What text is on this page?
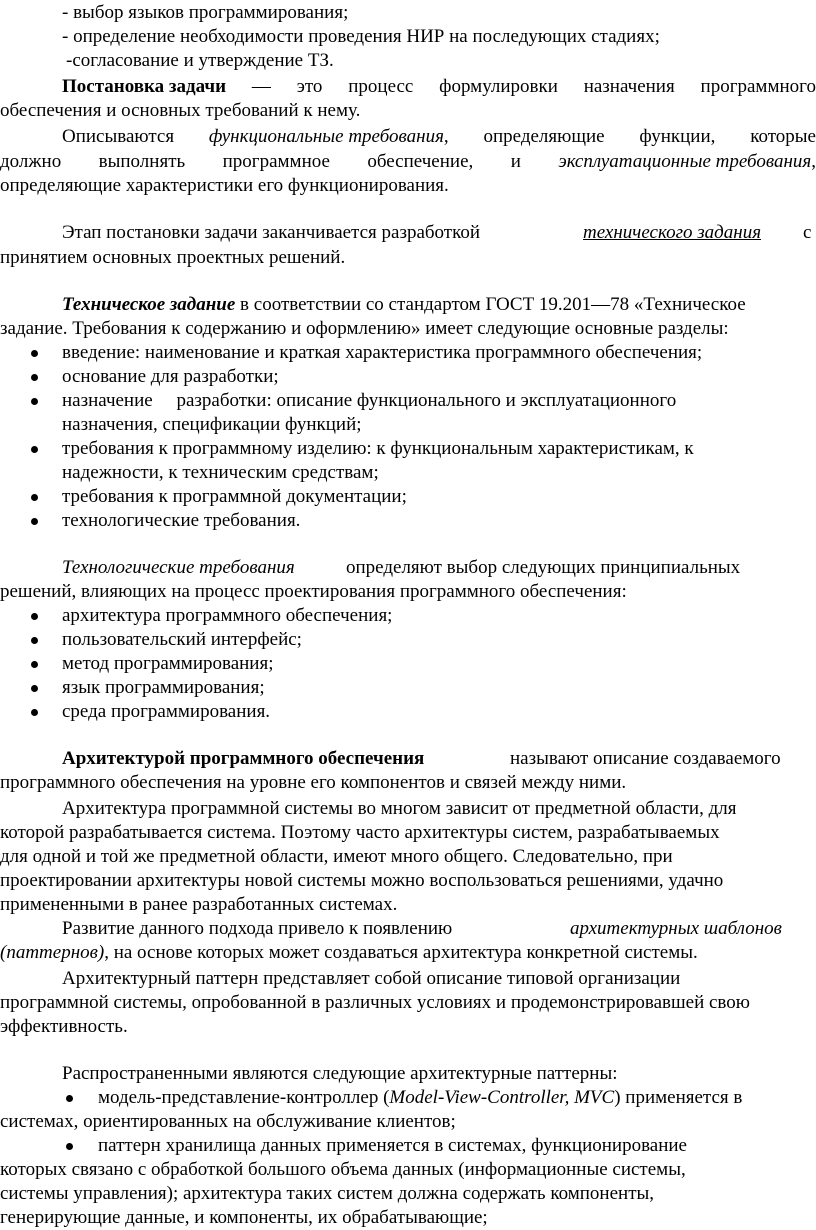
- выбор языков программирования;
- определение необходимости проведения НИР на последующих стадиях;
-согласование и утверждение ТЗ.
Постановка задачи — это процесс формулировки назначения программного
обеспечения и основных требований к нему.
Описываются функциональные требования, определяющие функции, которые
должно выполнять программное обеспечение, и эксплуатационные требования,
определяющие характеристики его функционирования.
Этап постановки задачи заканчивается разработкой	технического задания с
принятием основных проектных решений.
Техническое задание в соответствии со стандартом ГОСТ 19.201—78 «Техническое
задание. Требования к содержанию и оформлению» имеет следующие основные разделы:
введение: наименование и краткая характеристика программного обеспечения;
основание для разработки;
назначение     разработки: описание функционального и эксплуатационного
назначения, спецификации функций;
требования к программному изделию: к функциональным характеристикам, к
надежности, к техническим средствам;
требования к программной документации;
технологические требования.
Технологические требования	определяют выбор следующих принципиальных
решений, влияющих на процесс проектирования программного обеспечения:
архитектура программного обеспечения;
пользовательский интерфейс;
метод программирования;
язык программирования;
среда программирования.
Архитектурой программного обеспечения	называют описание создаваемого
программного обеспечения на уровне его компонентов и связей между ними.
Архитектура программной системы во многом зависит от предметной области, для
которой разрабатывается система. Поэтому часто архитектуры систем, разрабатываемых
для одной и той же предметной области, имеют много общего. Следовательно, при
проектировании архитектуры новой системы можно воспользоваться решениями, удачно
примененными в ранее разработанных системах.
Развитие данного подхода привело к появлению	архитектурных шаблонов
(паттернов), на основе которых может создаваться архитектура конкретной системы.
Архитектурный паттерн представляет собой описание типовой организации
программной системы, опробованной в различных условиях и продемонстрировавшей свою
эффективность.
Распространенными являются следующие архитектурные паттерны:
модель-представление-контроллер (Model-View-Controller, MVC) применяется в
системах, ориентированных на обслуживание клиентов;
паттерн хранилища данных применяется в системах, функционирование
которых связано с обработкой большого объема данных (информационные системы,
системы управления); архитектура таких систем должна содержать компоненты,
генерирующие данные, и компоненты, их обрабатывающие;
